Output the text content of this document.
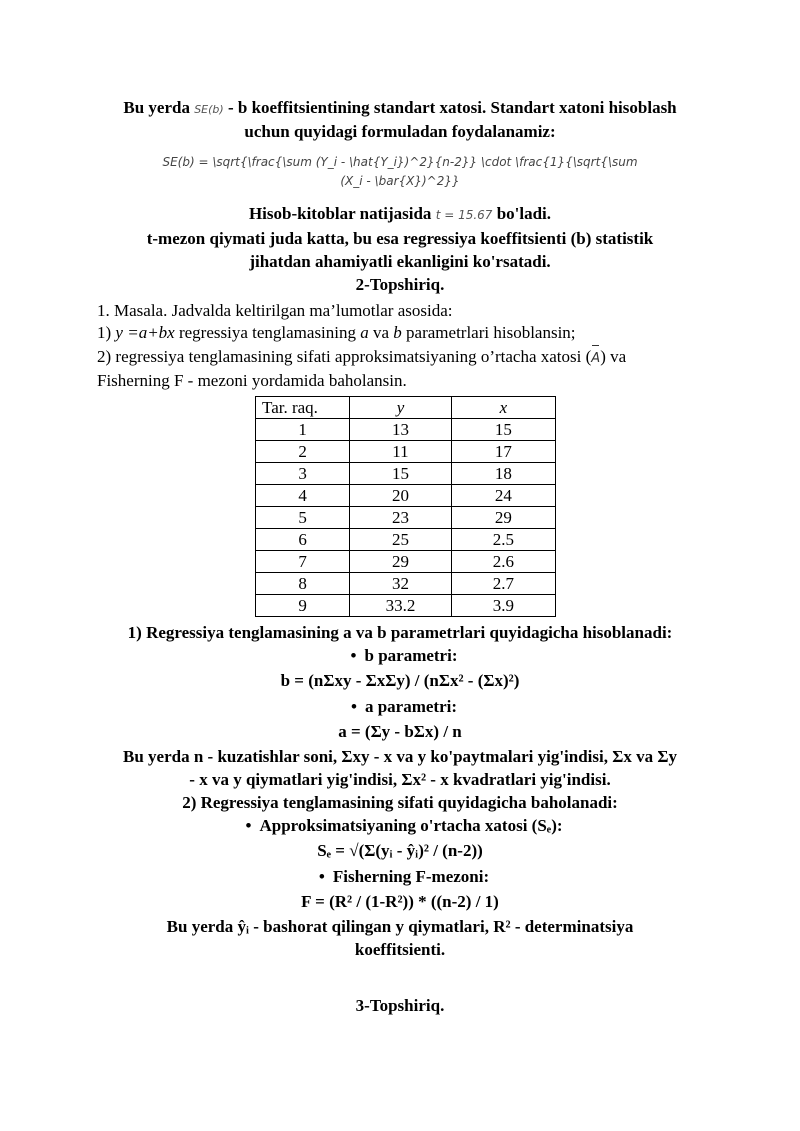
Bu yerda SE(b) - b koeffitsientining standart xatosi. Standart xatoni hisoblash
uchun quyidagi formuladan foydalanamiz:
SE(b) = \sqrt{\frac{\sum (Y_i - \hat{Y_i})^2}{n-2}} \cdot \frac{1}{\sqrt{\sum
(X_i - \bar{X})^2}}
Hisob-kitoblar natijasida t = 15.67 bo'ladi.
t-mezon qiymati juda katta, bu esa regressiya koeffitsienti (b) statistik
jihatdan ahamiyatli ekanligini ko'rsatadi.
2-Topshiriq.
1. Masala. Jadvalda keltirilgan ma’lumotlar asosida:
1) y =a+bx regressiya tenglamasining a va b parametrlari hisoblansin;
2) regressiya tenglamasining sifati approksimatsiyaning o’rtacha xatosi (A) va
Fisherning F - mezoni yordamida baholansin.
Tar. raq.	y	x
1	13	15
2	11	17
3	15	18
4	20	24
5	23	29
6	25	2.5
7	29	2.6
8	32	2.7
9	33.2	3.9
1) Regressiya tenglamasining a va b parametrlari quyidagicha hisoblanadi:
• b parametri:
b = (nΣxy - ΣxΣy) / (nΣx² - (Σx)²)
• a parametri:
a = (Σy - bΣx) / n
Bu yerda n - kuzatishlar soni, Σxy - x va y ko'paytmalari yig'indisi, Σx va Σy
- x va y qiymatlari yig'indisi, Σx² - x kvadratlari yig'indisi.
2) Regressiya tenglamasining sifati quyidagicha baholanadi:
• Approksimatsiyaning o'rtacha xatosi (Sₑ):
Sₑ = √(Σ(yᵢ - ŷᵢ)² / (n-2))
• Fisherning F-mezoni:
F = (R² / (1-R²)) * ((n-2) / 1)
Bu yerda ŷᵢ - bashorat qilingan y qiymatlari, R² - determinatsiya
koeffitsienti.
3-Topshiriq.
